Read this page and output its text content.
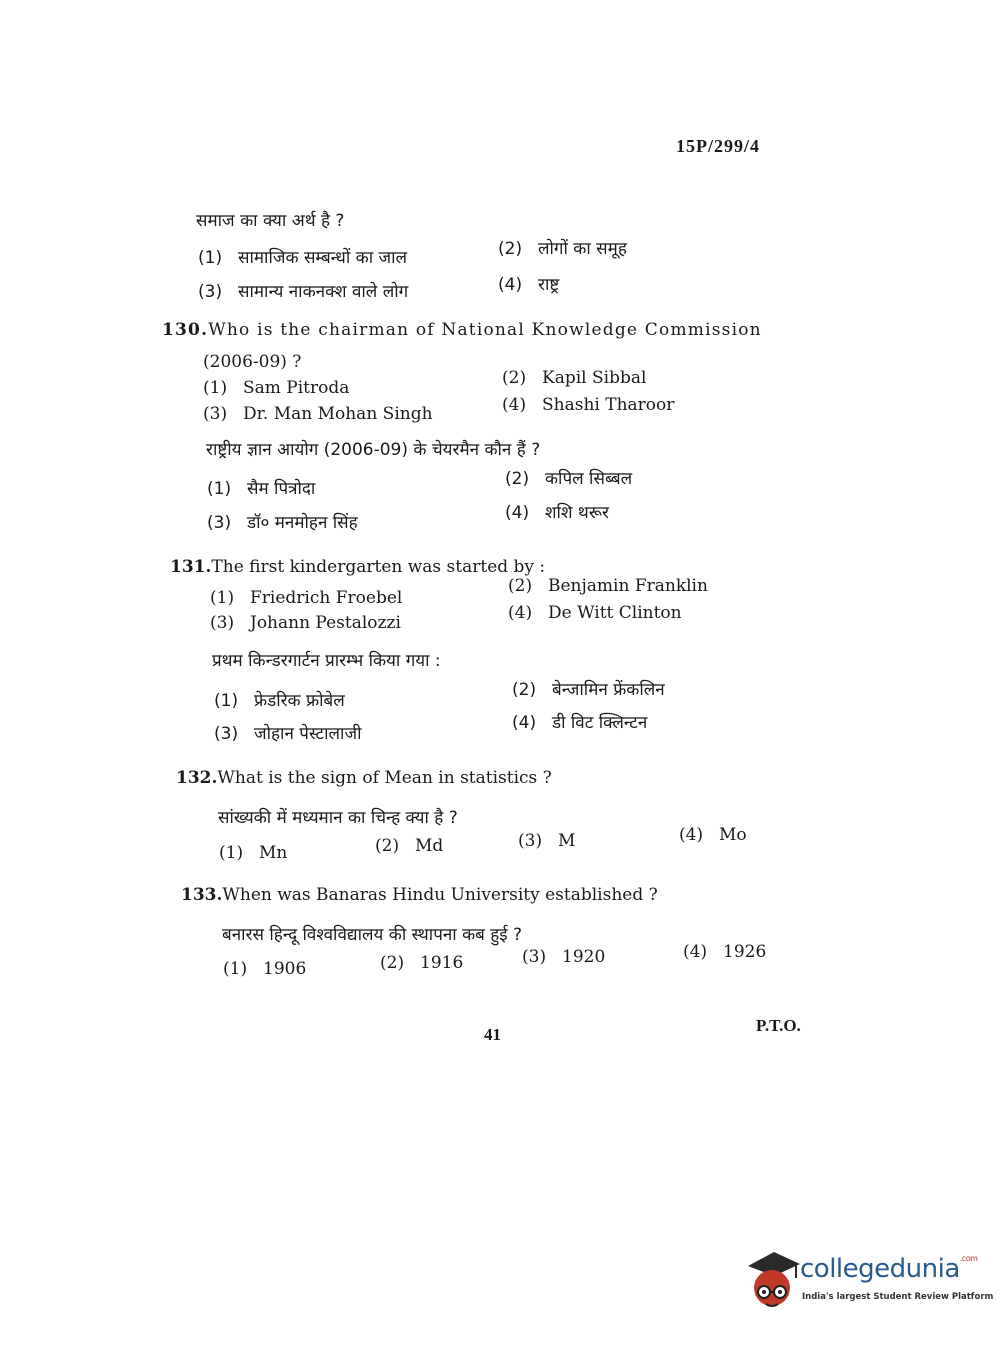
15P/299/4
समाज का क्या अर्थ है ?
(1) सामाजिक सम्बन्धों का जाल	(2) लोगों का समूह
(3) सामान्य नाकनक्श वाले लोग	(4) राष्ट्र
130.Who is the chairman of National Knowledge Commission
(2006-09) ?
(1) Sam Pitroda	(2) Kapil Sibbal
(3) Dr. Man Mohan Singh	(4) Shashi Tharoor
राष्ट्रीय ज्ञान आयोग (2006-09) के चेयरमैन कौन हैं ?
(1) सैम पित्रोदा	(2) कपिल सिब्बल
(3) डॉ० मनमोहन सिंह	(4) शशि थरूर
131.The first kindergarten was started by :
(1) Friedrich Froebel
(2) Benjamin Franklin
(3) Johann Pestalozzi	(4) De Witt Clinton
प्रथम किन्डरगार्टन प्रारम्भ किया गया :
(1) फ्रेडरिक फ्रोबेल
(2) बेन्जामिन फ्रेंकलिन
(3) जोहान पेस्टालाजी
(4) डी विट क्लिन्टन
132.What is the sign of Mean in statistics ?
सांख्यकी में मध्यमान का चिन्ह क्या है ?
(1) Mn	(2) Md	(3) M	(4) Mo
133.When was Banaras Hindu University established ?
बनारस हिन्दू विश्वविद्यालय की स्थापना कब हुई ?
(1) 1906	(2) 1916	(3) 1920	(4) 1926
41	P.T.O.
collegedunia$^{.com}$
India's largest Student Review Platform
